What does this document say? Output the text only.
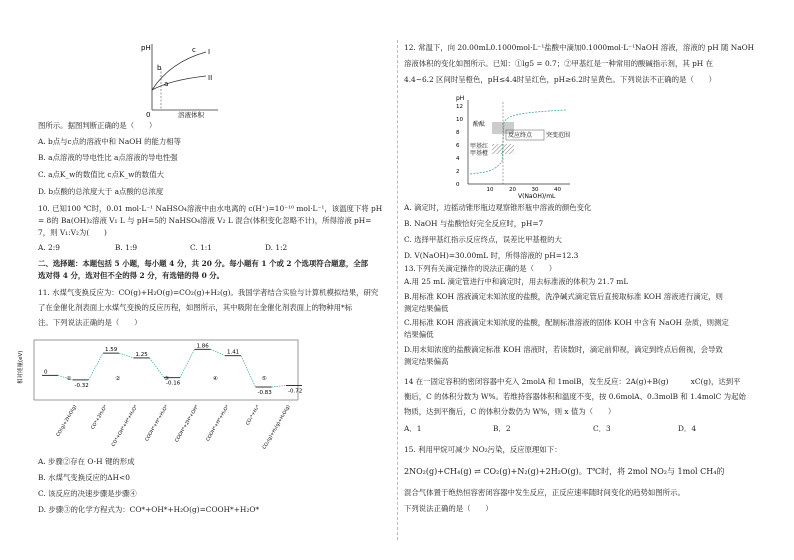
pH
0	溶液体积
c I
II
b
a
图所示。据图判断正确的是（　　）
A. b点与c点的溶液中和 NaOH 的能力相等
B. a点溶液的导电性比 a点溶液的导电性强
C. a点K_w的数值比 c点K_w的数值大
D. b点酸的总浓度大于 a点酸的总浓度
10. 已知100 ℃时，0.01 mol·L⁻¹ NaHSO₄溶液中由水电离的 c(H⁺)=10⁻¹⁰ mol·L⁻¹，该温度下将 pH
= 8的 Ba(OH)₂溶液 V₁ L 与 pH=5的 NaHSO₄溶液 V₂ L 混合(体积变化忽略不计)，所得溶液 pH=
7，则 V₁:V₂为(　　)
A. 2:9	B. 1:9	C. 1:1	D. 1:2
二、选择题：本题包括 5 小题，每小题 4 分，共 20 分。每小题有 1 个或 2 个选项符合题意，全部
选对得 4 分，选对但不全的得 2 分，有选错的得 0 分。
11. 水煤气变换反应为：CO(g)+H₂O(g)=CO₂(g)+H₂(g)。我国学者结合实验与计算机模拟结果，研究
了在金催化剂表面上水煤气变换的反应历程，如图所示，其中吸附在金催化剂表面上的物种用*标
注。下列说法正确的是（　　）
相对能量(eV)	0
-0.32
1.59
1.25
-0.16
1.86
1.41
-0.83	-0.72
CO(g)+2H₂O(g)	CO*+2H₂O* CO*+OH*+H*+H₂O* COOH*+H*+H₂O* COOH*+2H*+OH* COOH*+H*+H₂O*	CO₂*+H₂* CO₂(g)+H₂(g)+H₂O(g)
①	②	③	④	⑤
A. 步骤②存在 O-H 键的形成
B. 水煤气变换反应的ΔH<0
C. 该反应的决速步骤是步骤④
D. 步骤③的化学方程式为：CO*+OH*+H₂O(g)=COOH*+H₂O*
12. 常温下，向 20.00mL0.1000mol·L⁻¹盐酸中滴加0.1000mol·L⁻¹NaOH 溶液，溶液的 pH 随 NaOH
溶液体积的变化如图所示。已知：①lg5 = 0.7；②甲基红是一种常用的酸碱指示剂，其 pH 在
4.4~6.2 区间时呈橙色，pH≤4.4时呈红色，pH≥6.2时呈黄色。下列说法不正确的是（　　）
0
2
4
6
8
10
12
10	20	30	40
pH
V(NaOH)/mL
酚酞
甲基红
甲基橙
反应终点 突变范围
A. 滴定时，边摇动锥形瓶边观察锥形瓶中溶液的颜色变化
B. NaOH 与盐酸恰好完全反应时，pH=7
C. 选择甲基红指示反应终点，误差比甲基橙的大
D. V(NaOH)=30.00mL 时，所得溶液的 pH=12.3
13.下列有关滴定操作的说法正确的是（　　）
A.用 25 mL 滴定管进行中和滴定时，用去标准液的体积为 21.7 mL
B.用标准 KOH 溶液滴定未知浓度的盐酸，洗净碱式滴定管后直接取标准 KOH 溶液进行滴定，则
测定结果偏低
C.用标准 KOH 溶液滴定未知浓度的盐酸，配制标准溶液的固体 KOH 中含有 NaOH 杂质，则测定
结果偏低
D.用未知浓度的盐酸滴定标准 KOH 溶液时，若读数时，滴定前仰视，滴定到终点后俯视，会导致
测定结果偏高
14 在一固定容积的密闭容器中充入 2molA 和 1molB，发生反应：2A(g)+B(g)　　　xC(g)，达到平
衡后，C 的体积分数为 W%。若维持容器体积和温度不变，按 0.6molA、0.3molB 和 1.4molC 为起始
物质，达到平衡后，C 的体积分数仍为 W%，则 x 值为（　　）
A．1	B．2	C．3	D．4
15. 利用甲烷可减少 NO₂污染，反应原理如下：
2NO₂(g)+CH₄(g) ⇌ CO₂(g)+N₂(g)+2H₂O(g)。T℃时，将 2mol NO₂与 1mol CH₄的
混合气体置于绝热恒容密闭容器中发生反应，正反应速率随时间变化的趋势如图所示。
下列说法正确的是（　　）
